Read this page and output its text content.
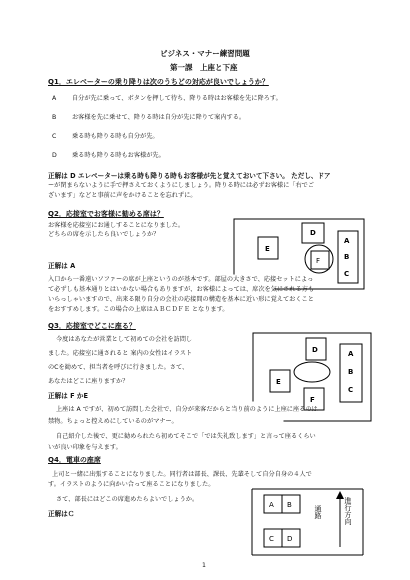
ビジネス・マナー練習問題
第一課　上座と下座
Q1．エレベーターの乗り降りは次のうちどの対応が良いでしょうか？
A	自分が先に乗って、ボタンを押して待ち、降りる時はお客様を先に降ろす。
B	お客様を先に乗せて、降りる時は自分が先に降りて案内する。
C	乗る時も降りる時も自分が先。
D 乗る時も降りる時もお客様が先。
正解は D エレベーターは乗る時も降りる時もお客様が先と覚えておいて下さい。 ただし、ドア
ーが閉まらないように手で押さえておくようにしましょう。降りる時には必ずお客様に「右でご
ざいます」などと事前に声をかけることを忘れずに。
Q2．応接室でお客様に勧める席は？
お客様を応接室にお通しすることになりました。
どちらの席を示したら良いでしょうか？
正解は A
D
E
F
A
B
C
入口から一番遠いソファーの席が上座というのが基本です。部屋の大きさで、応接セットによっ
て必ずしも基本通りとはいかない場合もありますが、お客様によっては、席次を気にされる方も
いらっしゃいますので、出来る限り自分の会社の応接間の構造を基本に近い形に覚えておくこと
をおすすめします。この場合の上席はＡＢＣＤＦＥ となります。
Q3．応接室でどこに座る？
今度はあなたが営業として初めての会社を訪問し
ました。応接室に通されると 案内の女性はイラスト
のCを勧めて、担当者を呼びに行きました。さて、
あなたはどこに座りますか？
正解は F かE
D	A
B
C
E
F
上座は A ですが、初めて訪問した会社で、自分が来客だからと当り前のように上座に座るのは
禁物。ちょっと控えめにしているのがマナー。
自己紹介した後で、更に勧められたら初めてそこで「では失礼致します」と言って座るくらい
いが良い印象を与えます。
Q4．電車の座席
上司と一緒に出張することになりました。同行者は部長、課長、先輩そして自分自身の４人で
す。イラストのように向かい合って座ることになりました。
さて、部長にはどこの席進めたらよいでしょうか。
正解はＣ
A B
C D
通路	進行方向
1
